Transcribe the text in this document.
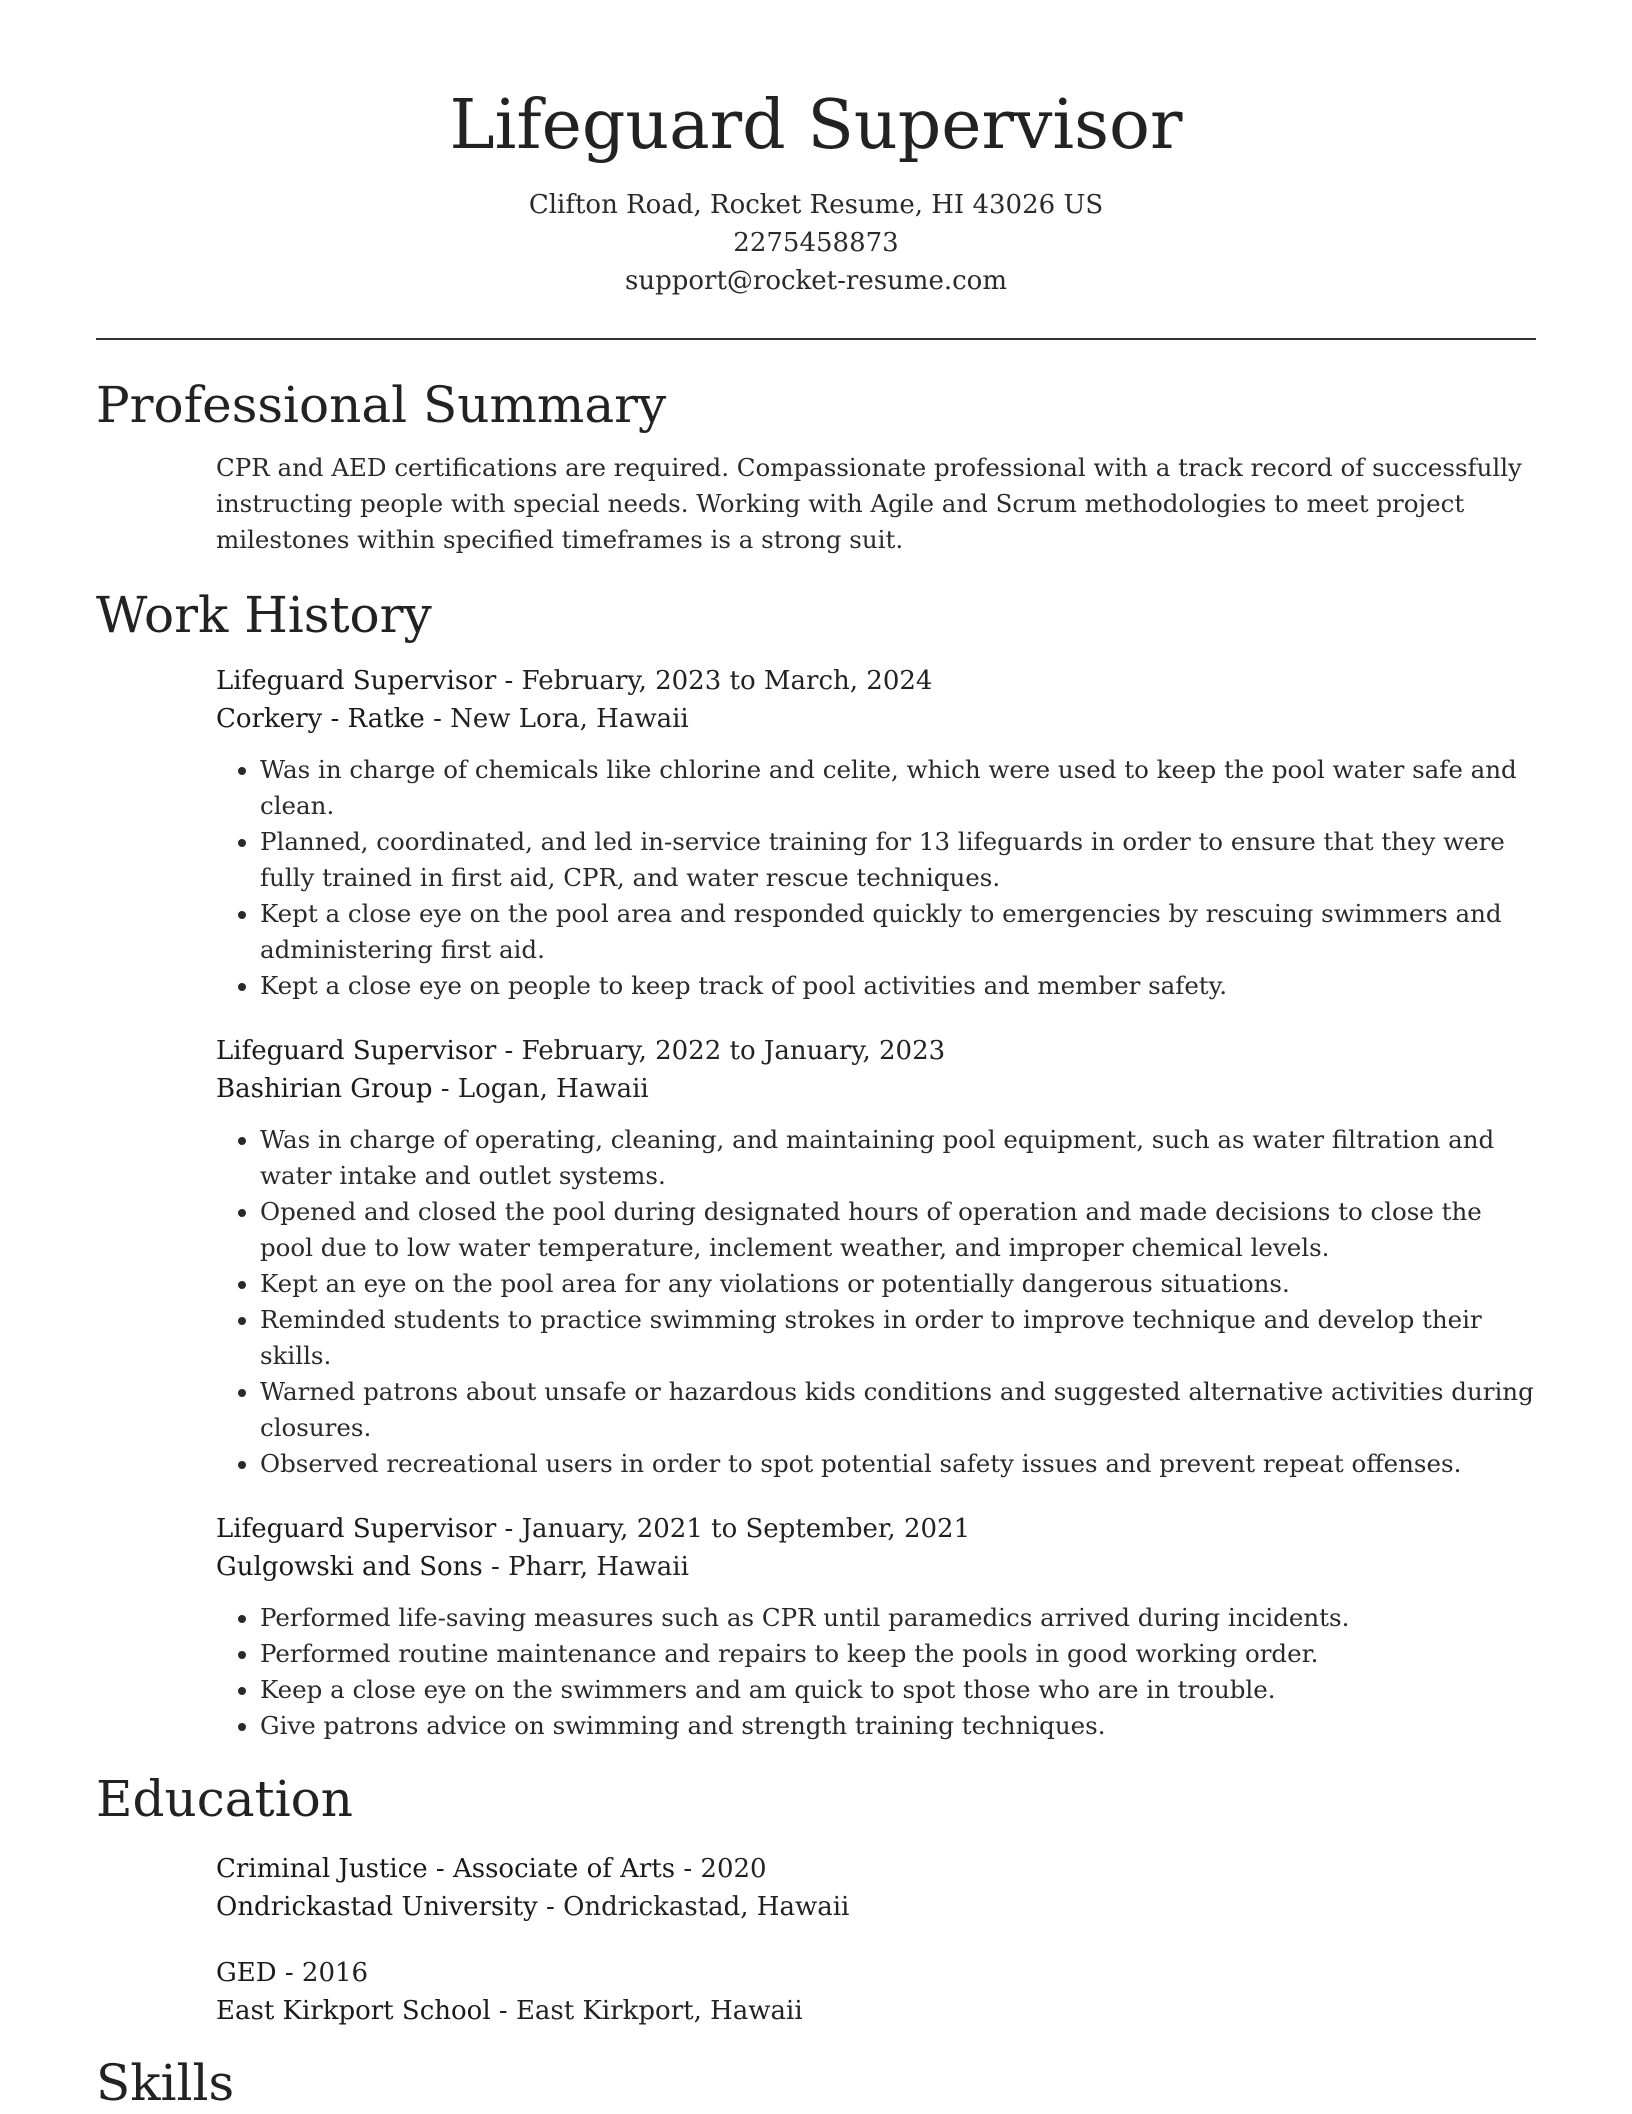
Lifeguard Supervisor
Clifton Road, Rocket Resume, HI 43026 US
2275458873
support@rocket-resume.com
Professional Summary

CPR and AED certifications are required. Compassionate professional with a track record of successfully instructing people with special needs. Working with Agile and Scrum methodologies to meet project milestones within specified timeframes is a strong suit.

Work History
Lifeguard Supervisor - February, 2023 to March, 2024
Corkery - Ratke - New Lora, Hawaii
• Was in charge of chemicals like chlorine and celite, which were used to keep the pool water safe and clean.
• Planned, coordinated, and led in-service training for 13 lifeguards in order to ensure that they were fully trained in first aid, CPR, and water rescue techniques.
• Kept a close eye on the pool area and responded quickly to emergencies by rescuing swimmers and administering first aid.
• Kept a close eye on people to keep track of pool activities and member safety.
Lifeguard Supervisor - February, 2022 to January, 2023
Bashirian Group - Logan, Hawaii
• Was in charge of operating, cleaning, and maintaining pool equipment, such as water filtration and water intake and outlet systems.
• Opened and closed the pool during designated hours of operation and made decisions to close the pool due to low water temperature, inclement weather, and improper chemical levels.
• Kept an eye on the pool area for any violations or potentially dangerous situations.
• Reminded students to practice swimming strokes in order to improve technique and develop their skills.
• Warned patrons about unsafe or hazardous kids conditions and suggested alternative activities during closures.
• Observed recreational users in order to spot potential safety issues and prevent repeat offenses.
Lifeguard Supervisor - January, 2021 to September, 2021
Gulgowski and Sons - Pharr, Hawaii
• Performed life-saving measures such as CPR until paramedics arrived during incidents.
• Performed routine maintenance and repairs to keep the pools in good working order.
• Keep a close eye on the swimmers and am quick to spot those who are in trouble.
• Give patrons advice on swimming and strength training techniques.
Education
Criminal Justice - Associate of Arts - 2020
Ondrickastad University - Ondrickastad, Hawaii
GED - 2016
East Kirkport School - East Kirkport, Hawaii
Skills
